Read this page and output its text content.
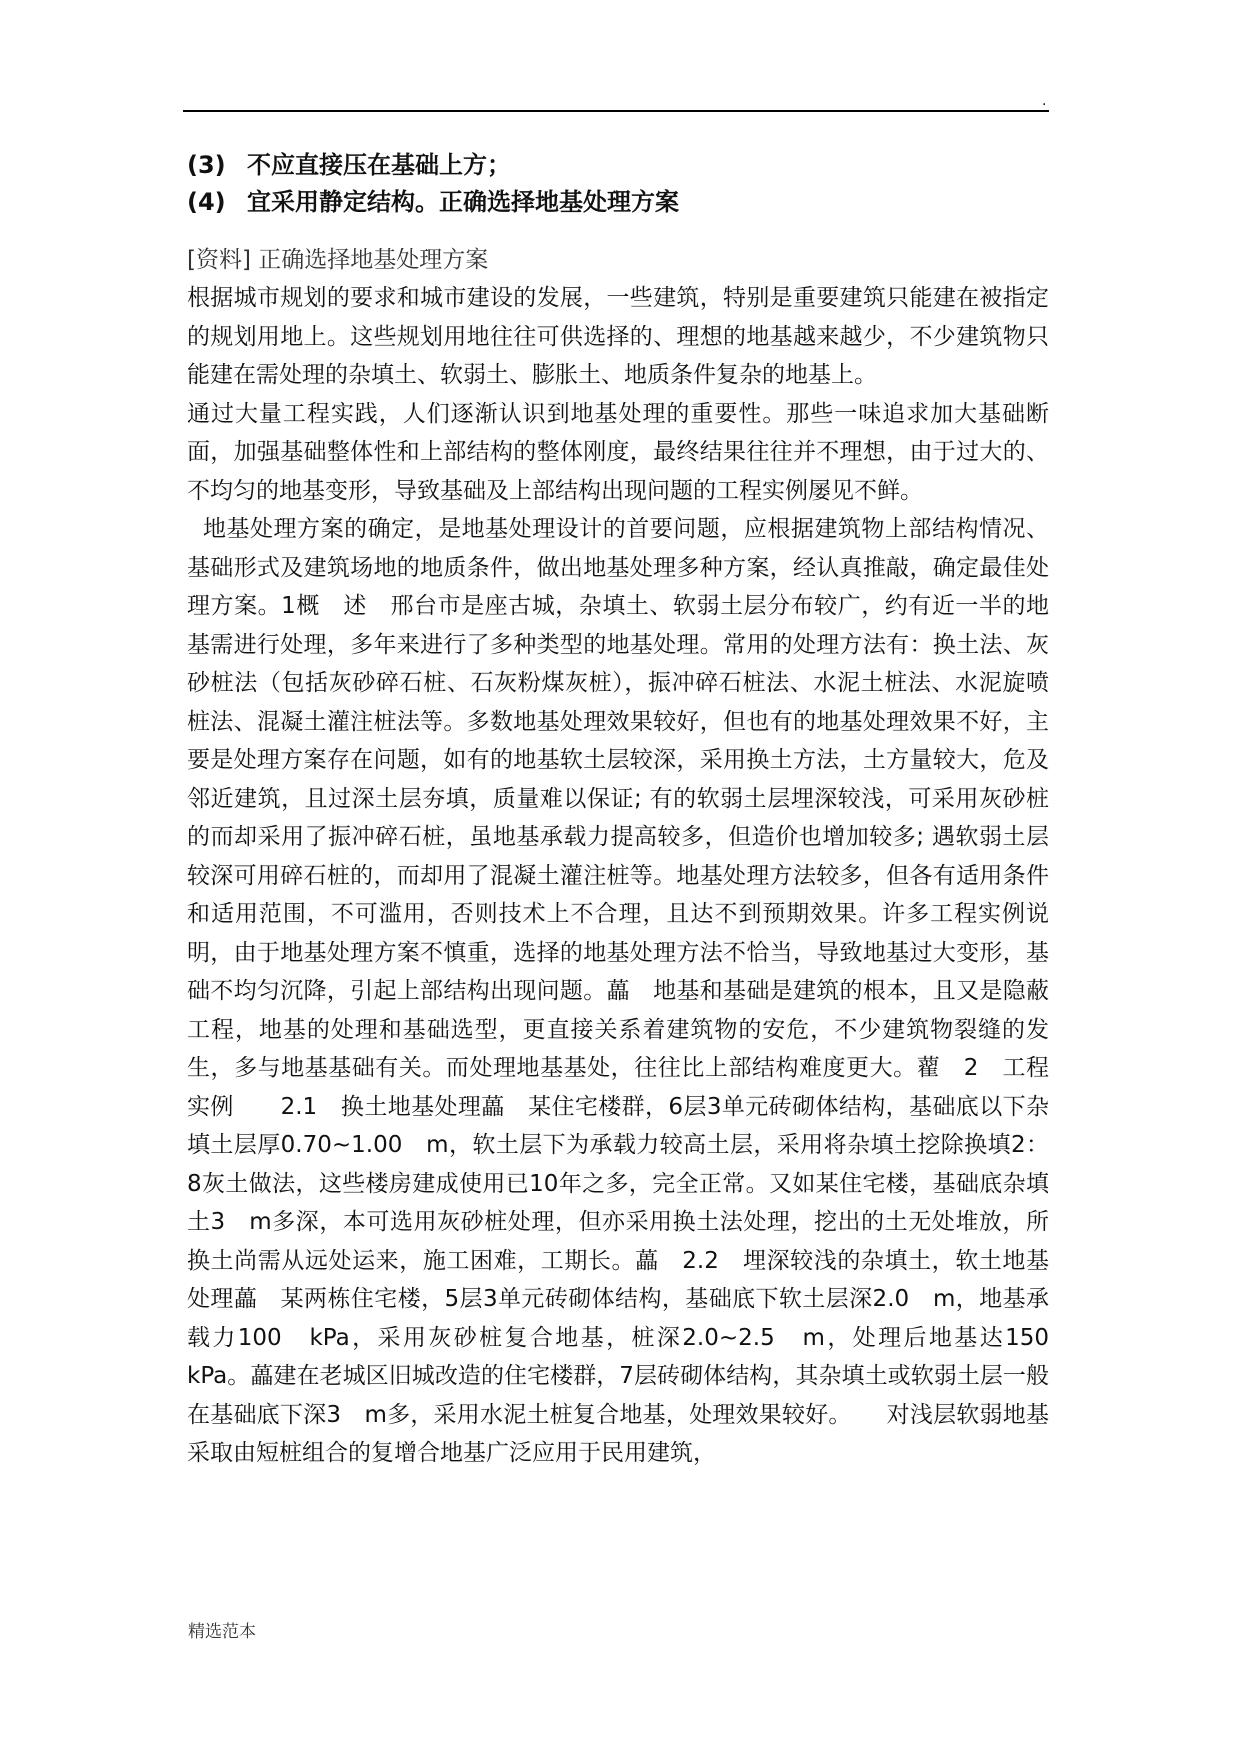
.
(3) 不应直接压在基础上方；
(4) 宜采用静定结构。正确选择地基处理方案
[资料] 正确选择地基处理方案

根据城市规划的要求和城市建设的发展，一些建筑，特别是重要建筑只能建在被指定的规划用地上。这些规划用地往往可供选择的、理想的地基越来越少，不少建筑物只能建在需处理的杂填土、软弱土、膨胀土、地质条件复杂的地基上。

通过大量工程实践，人们逐渐认识到地基处理的重要性。那些一味追求加大基础断面，加强基础整体性和上部结构的整体刚度，最终结果往往并不理想，由于过大的、不均匀的地基变形，导致基础及上部结构出现问题的工程实例屡见不鲜。

地基处理方案的确定，是地基处理设计的首要问题，应根据建筑物上部结构情况、基础形式及建筑场地的地质条件，做出地基处理多种方案，经认真推敲，确定最佳处理方案。1概　述　邢台市是座古城，杂填土、软弱土层分布较广，约有近一半的地基需进行处理，多年来进行了多种类型的地基处理。常用的处理方法有：换土法、灰砂桩法（包括灰砂碎石桩、石灰粉煤灰桩），振冲碎石桩法、水泥土桩法、水泥旋喷桩法、混凝土灌注桩法等。多数地基处理效果较好，但也有的地基处理效果不好，主要是处理方案存在问题，如有的地基软土层较深，采用换土方法，土方量较大，危及邻近建筑，且过深土层夯填，质量难以保证; 有的软弱土层埋深较浅，可采用灰砂桩的而却采用了振冲碎石桩，虽地基承载力提高较多，但造价也增加较多; 遇软弱土层较深可用碎石桩的，而却用了混凝土灌注桩等。地基处理方法较多，但各有适用条件和适用范围，不可滥用，否则技术上不合理，且达不到预期效果。许多工程实例说明，由于地基处理方案不慎重，选择的地基处理方法不恰当，导致地基过大变形，基础不均匀沉降，引起上部结构出现问题。藟　地基和基础是建筑的根本，且又是隐蔽工程，地基的处理和基础选型，更直接关系着建筑物的安危，不少建筑物裂缝的发生，多与地基基础有关。而处理地基基处，往往比上部结构难度更大。藋　2　工程实例　　2.1　换土地基处理藟　某住宅楼群，6层3单元砖砌体结构，基础底以下杂填土层厚0.70~1.00　m，软土层下为承载力较高土层，采用将杂填土挖除换填2：8灰土做法，这些楼房建成使用已10年之多，完全正常。又如某住宅楼，基础底杂填土3　m多深，本可选用灰砂桩处理，但亦采用换土法处理，挖出的土无处堆放，所换土尚需从远处运来，施工困难，工期长。藟　2.2　埋深较浅的杂填土，软土地基处理藟　某两栋住宅楼，5层3单元砖砌体结构，基础底下软土层深2.0　m，地基承载力100　kPa，采用灰砂桩复合地基，桩深2.0~2.5　m，处理后地基达150　kPa。藟建在老城区旧城改造的住宅楼群，7层砖砌体结构，其杂填土或软弱土层一般在基础底下深3　m多，采用水泥土桩复合地基，处理效果较好。　　对浅层软弱地基采取由短桩组合的复增合地基广泛应用于民用建筑，

精选范本
